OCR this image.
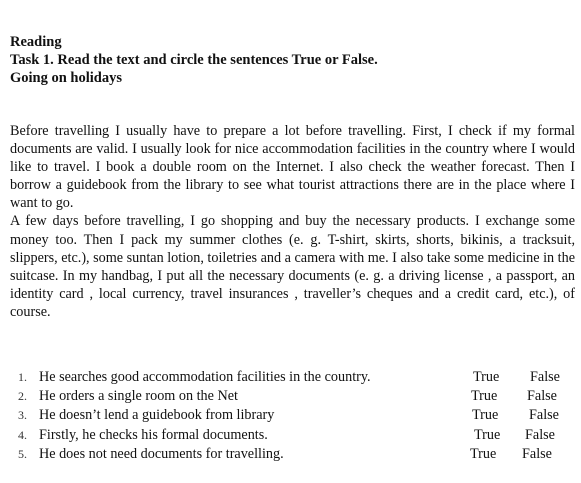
Reading
Task 1. Read the text and circle the sentences True or False.
Going on holidays

Before travelling I usually have to prepare a lot before travelling. First, I check if my formal documents are valid. I usually look for nice accommodation facilities in the country where I would like to travel. I book a double room on the Internet. I also check the weather forecast. Then I borrow a guidebook from the library to see what tourist attractions there are in the place where I want to go.

A few days before travelling, I go shopping and buy the necessary products. I exchange some money too. Then I pack my summer clothes (e. g. T-shirt, skirts, shorts, bikinis, a tracksuit, slippers, etc.), some suntan lotion, toiletries and a camera with me. I also take some medicine in the suitcase. In my handbag, I put all the necessary documents (e. g. a driving license , a passport, an identity card , local currency, travel insurances , traveller’s cheques and a credit card, etc.), of course.

1. He searches good accommodation facilities in the country.	True False
2. He orders a single room on the Net	True False
3. He doesn’t lend a guidebook from library	True False
4. Firstly, he checks his formal documents.	True False
5. He does not need documents for travelling.	True False
